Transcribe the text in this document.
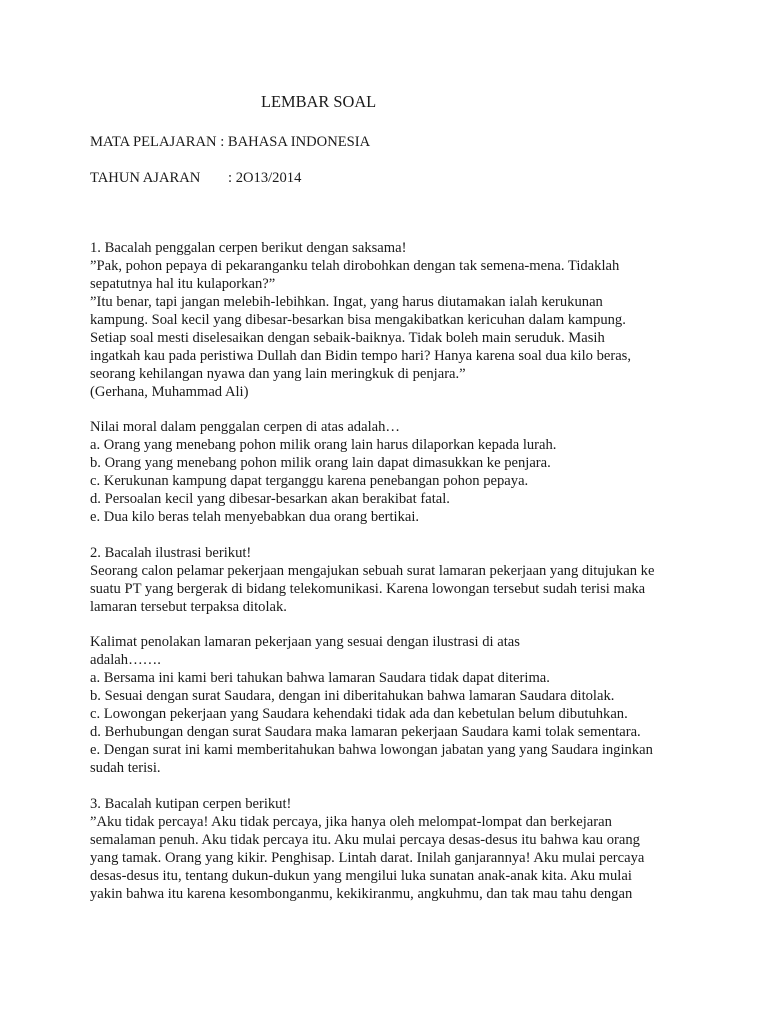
LEMBAR SOAL
MATA PELAJARAN : BAHASA INDONESIA
TAHUN AJARAN : 2O13/2014
1. Bacalah penggalan cerpen berikut dengan saksama!
”Pak, pohon pepaya di pekaranganku telah dirobohkan dengan tak semena-mena. Tidaklah
sepatutnya hal itu kulaporkan?”
”Itu benar, tapi jangan melebih-lebihkan. Ingat, yang harus diutamakan ialah kerukunan
kampung. Soal kecil yang dibesar-besarkan bisa mengakibatkan kericuhan dalam kampung.
Setiap soal mesti diselesaikan dengan sebaik-baiknya. Tidak boleh main seruduk. Masih
ingatkah kau pada peristiwa Dullah dan Bidin tempo hari? Hanya karena soal dua kilo beras,
seorang kehilangan nyawa dan yang lain meringkuk di penjara.”
(Gerhana, Muhammad Ali)
Nilai moral dalam penggalan cerpen di atas adalah…
a. Orang yang menebang pohon milik orang lain harus dilaporkan kepada lurah.
b. Orang yang menebang pohon milik orang lain dapat dimasukkan ke penjara.
c. Kerukunan kampung dapat terganggu karena penebangan pohon pepaya.
d. Persoalan kecil yang dibesar-besarkan akan berakibat fatal.
e. Dua kilo beras telah menyebabkan dua orang bertikai.
2. Bacalah ilustrasi berikut!
Seorang calon pelamar pekerjaan mengajukan sebuah surat lamaran pekerjaan yang ditujukan ke
suatu PT yang bergerak di bidang telekomunikasi. Karena lowongan tersebut sudah terisi maka
lamaran tersebut terpaksa ditolak.
Kalimat penolakan lamaran pekerjaan yang sesuai dengan ilustrasi di atas
adalah…….
a. Bersama ini kami beri tahukan bahwa lamaran Saudara tidak dapat diterima.
b. Sesuai dengan surat Saudara, dengan ini diberitahukan bahwa lamaran Saudara ditolak.
c. Lowongan pekerjaan yang Saudara kehendaki tidak ada dan kebetulan belum dibutuhkan.
d. Berhubungan dengan surat Saudara maka lamaran pekerjaan Saudara kami tolak sementara.
e. Dengan surat ini kami memberitahukan bahwa lowongan jabatan yang yang Saudara inginkan
sudah terisi.
3. Bacalah kutipan cerpen berikut!
”Aku tidak percaya! Aku tidak percaya, jika hanya oleh melompat-lompat dan berkejaran
semalaman penuh. Aku tidak percaya itu. Aku mulai percaya desas-desus itu bahwa kau orang
yang tamak. Orang yang kikir. Penghisap. Lintah darat. Inilah ganjarannya! Aku mulai percaya
desas-desus itu, tentang dukun-dukun yang mengilui luka sunatan anak-anak kita. Aku mulai
yakin bahwa itu karena kesombonganmu, kekikiranmu, angkuhmu, dan tak mau tahu dengan
